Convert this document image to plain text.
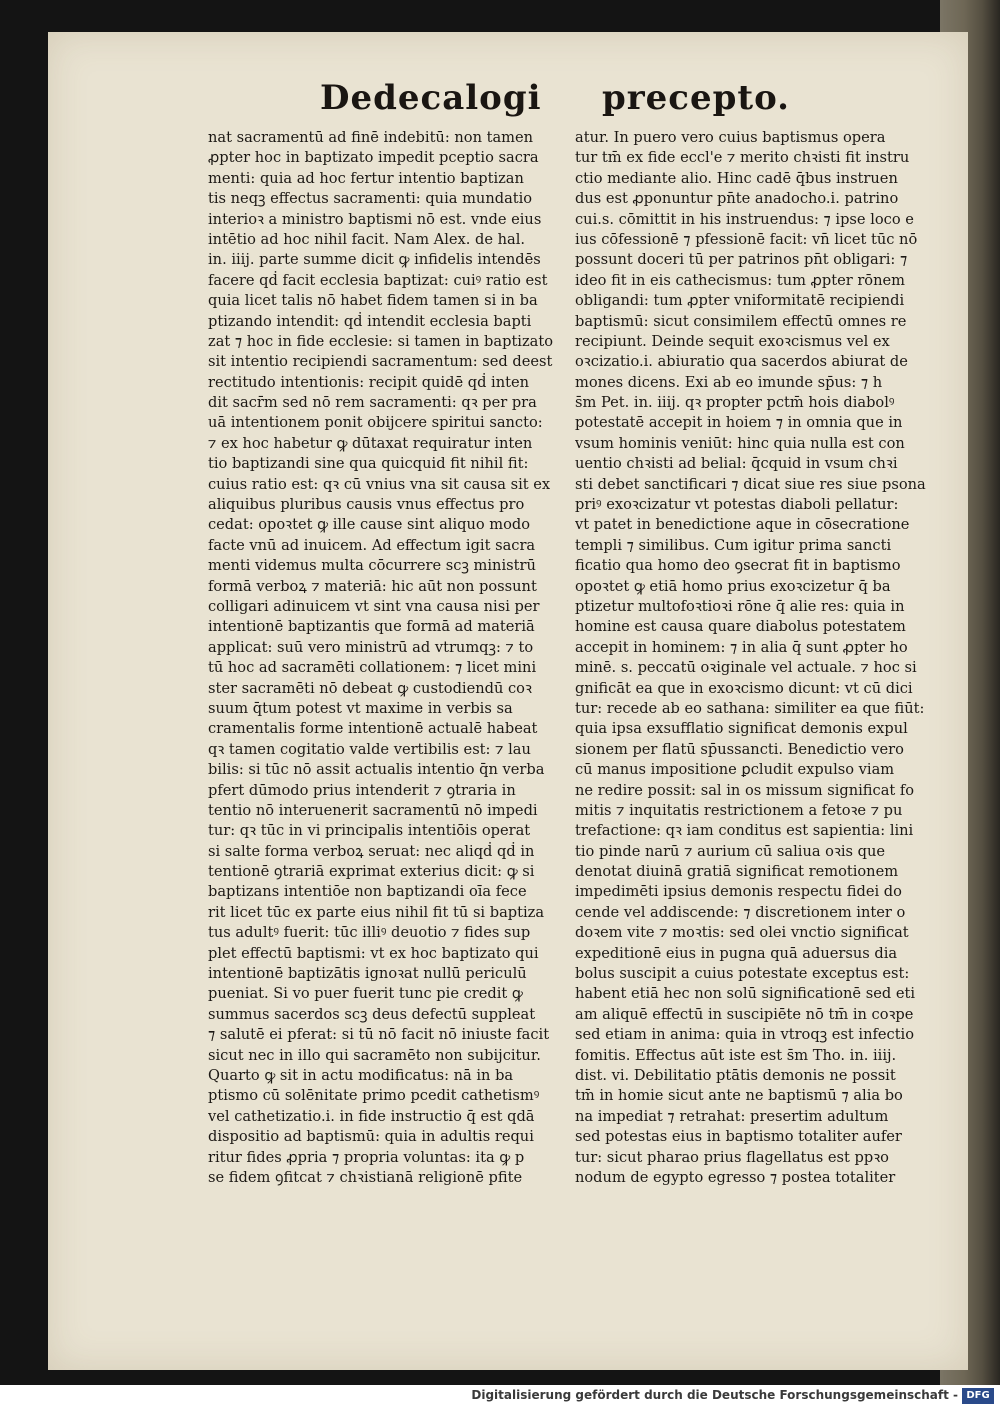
Dedecalogi precepto.
nat sacramentū ad finē indebitū: non tamen
ꝓpter hoc in baptizato impedit pceptio sacra
menti: quia ad hoc fertur intentio baptizan
tis neqꝫ effectus sacramenti: quia mundatio
interioꝛ a ministro baptismi nō est. vnde eius
intētio ad hoc nihil facit. Nam Alex. de hal.
in. iiij. parte summe dicit ꝙ infidelis intendēs
facere qḋ facit ecclesia baptizat: cuiꝰ ratio est
quia licet talis nō habet fidem tamen si in ba
ptizando intendit: qḋ intendit ecclesia bapti
zat ⁊ hoc in fide ecclesie: si tamen in baptizato
sit intentio recipiendi sacramentum: sed deest
rectitudo intentionis: recipit quidē qḋ inten
dit sacr̄m sed nō rem sacramenti: qꝛ per pra
uā intentionem ponit obijcere spiritui sancto:
⁊ ex hoc habetur ꝙ dūtaxat requiratur inten
tio baptizandi sine qua quicquid fit nihil fit:
cuius ratio est: qꝛ cū vnius vna sit causa sit ex
aliquibus pluribus causis vnus effectus pro
cedat: opoꝛtet ꝙ ille cause sint aliquo modo
facte vnū ad inuicem. Ad effectum igit sacra
menti videmus multa cōcurrere scꝫ ministrū
formā verboꝝ ⁊ materiā: hic aūt non possunt
colligari adinuicem vt sint vna causa nisi per
intentionē baptizantis que formā ad materiā
applicat: suū vero ministrū ad vtrumqꝫ: ⁊ to
tū hoc ad sacramēti collationem: ⁊ licet mini
ster sacramēti nō debeat ꝙ custodiendū coꝛ
suum q̄tum potest vt maxime in verbis sa
cramentalis forme intentionē actualē habeat
qꝛ tamen cogitatio valde vertibilis est: ⁊ lau
bilis: si tūc nō assit actualis intentio q̄n verba
pfert dūmodo prius intenderit ⁊ ꝯtraria in
tentio nō interuenerit sacramentū nō impedi
tur: qꝛ tūc in vi principalis intentiōis operat
si salte forma verboꝝ seruat: nec aliqḋ qḋ in
tentionē ꝯtrariā exprimat exterius dicit: ꝙ si
baptizans intentiōe non baptizandi oīa fece
rit licet tūc ex parte eius nihil fit tū si baptiza
tus adultꝰ fuerit: tūc illiꝰ deuotio ⁊ fides sup
plet effectū baptismi: vt ex hoc baptizato qui
intentionē baptizātis ignoꝛat nullū periculū
pueniat. Si vo puer fuerit tunc pie credit ꝙ
summus sacerdos scꝫ deus defectū suppleat
⁊ salutē ei pferat: si tū nō facit nō iniuste facit
sicut nec in illo qui sacramēto non subijcitur.
Quarto ꝙ sit in actu modificatus: nā in ba
ptismo cū solēnitate primo pcedit cathetismꝰ
vel cathetizatio.i. in fide instructio q̄ est qdā
dispositio ad baptismū: quia in adultis requi
ritur fides ꝓpria ⁊ propria voluntas: ita ꝙ p
se fidem ꝯfitcat ⁊ chꝛistianā religionē pfite
atur. In puero vero cuius baptismus opera
tur tm̄ ex fide eccl'e ⁊ merito chꝛisti fit instru
ctio mediante alio. Hinc cadē q̄bus instruen
dus est ꝓponuntur pn̄te anadocho.i. patrino
cui.s. cōmittit in his instruendus: ⁊ ipse loco e
ius cōfessionē ⁊ pfessionē facit: vn̄ licet tūc nō
possunt doceri tū per patrinos pn̄t obligari: ⁊
ideo fit in eis cathecismus: tum ꝓpter rōnem
obligandi: tum ꝓpter vniformitatē recipiendi
baptismū: sicut consimilem effectū omnes re
recipiunt. Deinde sequit exoꝛcismus vel ex
oꝛcizatio.i. abiuratio qua sacerdos abiurat de
mones dicens. Exi ab eo imunde sp̄us: ⁊ h
s̄m Pet. in. iiij. qꝛ propter pctm̄ hois diabolꝰ
potestatē accepit in hoiem ⁊ in omnia que in
vsum hominis veniūt: hinc quia nulla est con
uentio chꝛisti ad belial: q̄cquid in vsum chꝛi
sti debet sanctificari ⁊ dicat siue res siue psona
priꝰ exoꝛcizatur vt potestas diaboli pellatur:
vt patet in benedictione aque in cōsecratione
templi ⁊ similibus. Cum igitur prima sancti
ficatio qua homo deo ꝯsecrat fit in baptismo
opoꝛtet ꝙ etiā homo prius exoꝛcizetur q̄ ba
ptizetur multofoꝛtioꝛi rōne q̄ alie res: quia in
homine est causa quare diabolus potestatem
accepit in hominem: ⁊ in alia q̄ sunt ꝓpter ho
minē. s. peccatū oꝛiginale vel actuale. ⁊ hoc si
gnificāt ea que in exoꝛcismo dicunt: vt cū dici
tur: recede ab eo sathana: similiter ea que fiūt:
quia ipsa exsufflatio significat demonis expul
sionem per flatū sp̄ussancti. Benedictio vero
cū manus impositione ꝑcludit expulso viam
ne redire possit: sal in os missum significat fo
mitis ⁊ inquitatis restrictionem a fetoꝛe ⁊ pu
trefactione: qꝛ iam conditus est sapientia: lini
tio pinde narū ⁊ aurium cū saliua oꝛis que
denotat diuinā gratiā significat remotionem
impedimēti ipsius demonis respectu fidei do
cende vel addiscende: ⁊ discretionem inter o
doꝛem vite ⁊ moꝛtis: sed olei vnctio significat
expeditionē eius in pugna quā aduersus dia
bolus suscipit a cuius potestate exceptus est:
habent etiā hec non solū significationē sed eti
am aliquē effectū in suscipiēte nō tm̄ in coꝛpe
sed etiam in anima: quia in vtroqꝫ est infectio
fomitis. Effectus aūt iste est s̄m Tho. in. iiij.
dist. vi. Debilitatio ptātis demonis ne possit
tm̄ in homie sicut ante ne baptismū ⁊ alia bo
na impediat ⁊ retrahat: presertim adultum
sed potestas eius in baptismo totaliter aufer
tur: sicut pharao prius flagellatus est ppꝛo
nodum de egypto egresso ⁊ postea totaliter
Digitalisierung gefördert durch die Deutsche Forschungsgemeinschaft - DFG
